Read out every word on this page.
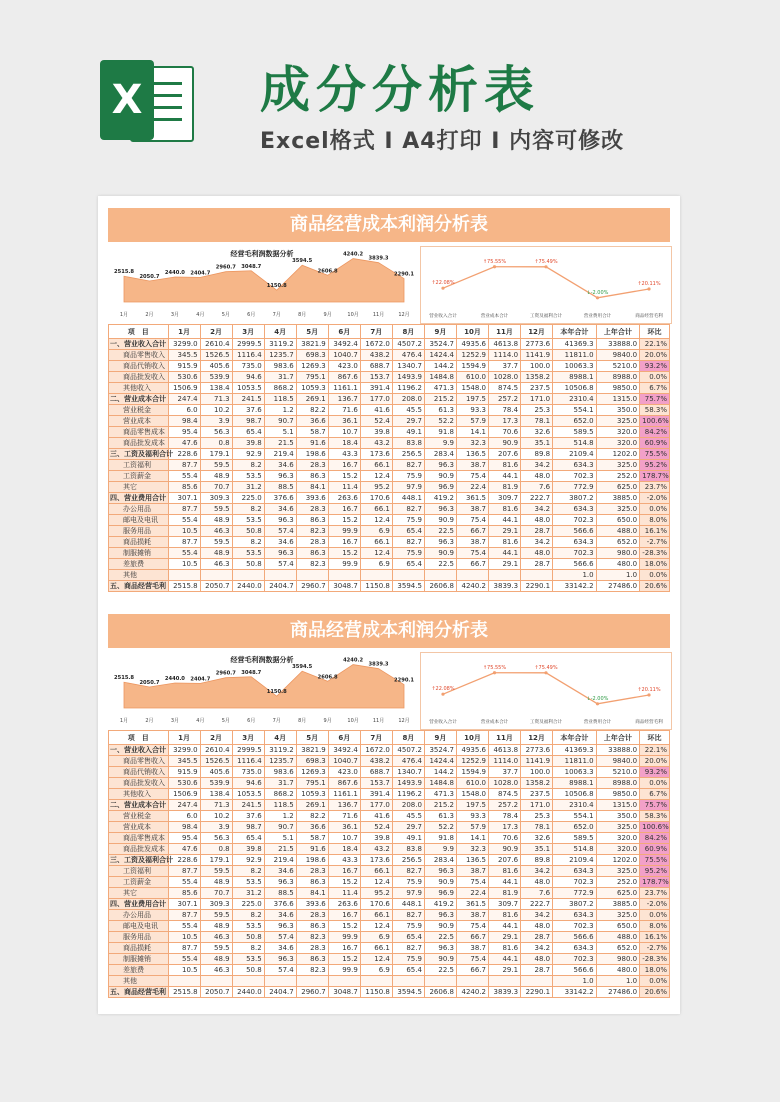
X 成分分析表
Excel格式 I A4打印 I 内容可修改
商品经营成本利润分析表
经营毛利润数据分析
2515.8
1月
2050.7
2月
2440.0
3月
2404.7
4月
2960.7
5月
3048.7
6月
1150.8
7月
3594.5
8月
2606.8
9月
4240.2
10月
3839.3
11月
2290.1
12月
↑22.08%
营业收入合计
↑75.55%
营业成本合计
↑75.49%
工资及福利合计
↓-2.00%
营业费用合计
↑20.11%
商品经营毛利
项　目	1月	2月	3月	4月	5月	6月	7月	8月	9月	10月	11月	12月	本年合计	上年合计	环比
一、营业收入合计	3299.0	2610.4	2999.5	3119.2	3821.9	3492.4	1672.0	4507.2	3524.7	4935.6	4613.8	2773.6	41369.3	33888.0	22.1%
商品零售收入	345.5	1526.5	1116.4	1235.7	698.3	1040.7	438.2	476.4	1424.4	1252.9	1114.0	1141.9	11811.0	9840.0	20.0%
商品代销收入	915.9	405.6	735.0	983.6	1269.3	423.0	688.7	1340.7	144.2	1594.9	37.7	100.0	10063.3	5210.0	93.2%
商品批发收入	530.6	539.9	94.6	31.7	795.1	867.6	153.7	1493.9	1484.8	610.0	1028.0	1358.2	8988.1	8988.0	0.0%
其他收入	1506.9	138.4	1053.5	868.2	1059.3	1161.1	391.4	1196.2	471.3	1548.0	874.5	237.5	10506.8	9850.0	6.7%
二、营业成本合计	247.4	71.3	241.5	118.5	269.1	136.7	177.0	208.0	215.2	197.5	257.2	171.0	2310.4	1315.0	75.7%
营业税金	6.0	10.2	37.6	1.2	82.2	71.6	41.6	45.5	61.3	93.3	78.4	25.3	554.1	350.0	58.3%
营业成本	98.4	3.9	98.7	90.7	36.6	36.1	52.4	29.7	52.2	57.9	17.3	78.1	652.0	325.0	100.6%
商品零售成本	95.4	56.3	65.4	5.1	58.7	10.7	39.8	49.1	91.8	14.1	70.6	32.6	589.5	320.0	84.2%
商品批发成本	47.6	0.8	39.8	21.5	91.6	18.4	43.2	83.8	9.9	32.3	90.9	35.1	514.8	320.0	60.9%
三、工资及福利合计	228.6	179.1	92.9	219.4	198.6	43.3	173.6	256.5	283.4	136.5	207.6	89.8	2109.4	1202.0	75.5%
工资福利	87.7	59.5	8.2	34.6	28.3	16.7	66.1	82.7	96.3	38.7	81.6	34.2	634.3	325.0	95.2%
工资薪金	55.4	48.9	53.5	96.3	86.3	15.2	12.4	75.9	90.9	75.4	44.1	48.0	702.3	252.0	178.7%
其它	85.6	70.7	31.2	88.5	84.1	11.4	95.2	97.9	96.9	22.4	81.9	7.6	772.9	625.0	23.7%
四、营业费用合计	307.1	309.3	225.0	376.6	393.6	263.6	170.6	448.1	419.2	361.5	309.7	222.7	3807.2	3885.0	-2.0%
办公用品	87.7	59.5	8.2	34.6	28.3	16.7	66.1	82.7	96.3	38.7	81.6	34.2	634.3	325.0	0.0%
邮电及电讯	55.4	48.9	53.5	96.3	86.3	15.2	12.4	75.9	90.9	75.4	44.1	48.0	702.3	650.0	8.0%
服务用品	10.5	46.3	50.8	57.4	82.3	99.9	6.9	65.4	22.5	66.7	29.1	28.7	566.6	488.0	16.1%
商品损耗	87.7	59.5	8.2	34.6	28.3	16.7	66.1	82.7	96.3	38.7	81.6	34.2	634.3	652.0	-2.7%
制服摊销	55.4	48.9	53.5	96.3	86.3	15.2	12.4	75.9	90.9	75.4	44.1	48.0	702.3	980.0	-28.3%
差旅费	10.5	46.3	50.8	57.4	82.3	99.9	6.9	65.4	22.5	66.7	29.1	28.7	566.6	480.0	18.0%
其他													1.0	1.0	0.0%
五、商品经营毛利	2515.8	2050.7	2440.0	2404.7	2960.7	3048.7	1150.8	3594.5	2606.8	4240.2	3839.3	2290.1	33142.2	27486.0	20.6%
商品经营成本利润分析表
经营毛利润数据分析
2515.8
1月
2050.7
2月
2440.0
3月
2404.7
4月
2960.7
5月
3048.7
6月
1150.8
7月
3594.5
8月
2606.8
9月
4240.2
10月
3839.3
11月
2290.1
12月
↑22.08%
营业收入合计
↑75.55%
营业成本合计
↑75.49%
工资及福利合计
↓-2.00%
营业费用合计
↑20.11%
商品经营毛利
项　目	1月	2月	3月	4月	5月	6月	7月	8月	9月	10月	11月	12月	本年合计	上年合计	环比
一、营业收入合计	3299.0	2610.4	2999.5	3119.2	3821.9	3492.4	1672.0	4507.2	3524.7	4935.6	4613.8	2773.6	41369.3	33888.0	22.1%
商品零售收入	345.5	1526.5	1116.4	1235.7	698.3	1040.7	438.2	476.4	1424.4	1252.9	1114.0	1141.9	11811.0	9840.0	20.0%
商品代销收入	915.9	405.6	735.0	983.6	1269.3	423.0	688.7	1340.7	144.2	1594.9	37.7	100.0	10063.3	5210.0	93.2%
商品批发收入	530.6	539.9	94.6	31.7	795.1	867.6	153.7	1493.9	1484.8	610.0	1028.0	1358.2	8988.1	8988.0	0.0%
其他收入	1506.9	138.4	1053.5	868.2	1059.3	1161.1	391.4	1196.2	471.3	1548.0	874.5	237.5	10506.8	9850.0	6.7%
二、营业成本合计	247.4	71.3	241.5	118.5	269.1	136.7	177.0	208.0	215.2	197.5	257.2	171.0	2310.4	1315.0	75.7%
营业税金	6.0	10.2	37.6	1.2	82.2	71.6	41.6	45.5	61.3	93.3	78.4	25.3	554.1	350.0	58.3%
营业成本	98.4	3.9	98.7	90.7	36.6	36.1	52.4	29.7	52.2	57.9	17.3	78.1	652.0	325.0	100.6%
商品零售成本	95.4	56.3	65.4	5.1	58.7	10.7	39.8	49.1	91.8	14.1	70.6	32.6	589.5	320.0	84.2%
商品批发成本	47.6	0.8	39.8	21.5	91.6	18.4	43.2	83.8	9.9	32.3	90.9	35.1	514.8	320.0	60.9%
三、工资及福利合计	228.6	179.1	92.9	219.4	198.6	43.3	173.6	256.5	283.4	136.5	207.6	89.8	2109.4	1202.0	75.5%
工资福利	87.7	59.5	8.2	34.6	28.3	16.7	66.1	82.7	96.3	38.7	81.6	34.2	634.3	325.0	95.2%
工资薪金	55.4	48.9	53.5	96.3	86.3	15.2	12.4	75.9	90.9	75.4	44.1	48.0	702.3	252.0	178.7%
其它	85.6	70.7	31.2	88.5	84.1	11.4	95.2	97.9	96.9	22.4	81.9	7.6	772.9	625.0	23.7%
四、营业费用合计	307.1	309.3	225.0	376.6	393.6	263.6	170.6	448.1	419.2	361.5	309.7	222.7	3807.2	3885.0	-2.0%
办公用品	87.7	59.5	8.2	34.6	28.3	16.7	66.1	82.7	96.3	38.7	81.6	34.2	634.3	325.0	0.0%
邮电及电讯	55.4	48.9	53.5	96.3	86.3	15.2	12.4	75.9	90.9	75.4	44.1	48.0	702.3	650.0	8.0%
服务用品	10.5	46.3	50.8	57.4	82.3	99.9	6.9	65.4	22.5	66.7	29.1	28.7	566.6	488.0	16.1%
商品损耗	87.7	59.5	8.2	34.6	28.3	16.7	66.1	82.7	96.3	38.7	81.6	34.2	634.3	652.0	-2.7%
制服摊销	55.4	48.9	53.5	96.3	86.3	15.2	12.4	75.9	90.9	75.4	44.1	48.0	702.3	980.0	-28.3%
差旅费	10.5	46.3	50.8	57.4	82.3	99.9	6.9	65.4	22.5	66.7	29.1	28.7	566.6	480.0	18.0%
其他													1.0	1.0	0.0%
五、商品经营毛利	2515.8	2050.7	2440.0	2404.7	2960.7	3048.7	1150.8	3594.5	2606.8	4240.2	3839.3	2290.1	33142.2	27486.0	20.6%
